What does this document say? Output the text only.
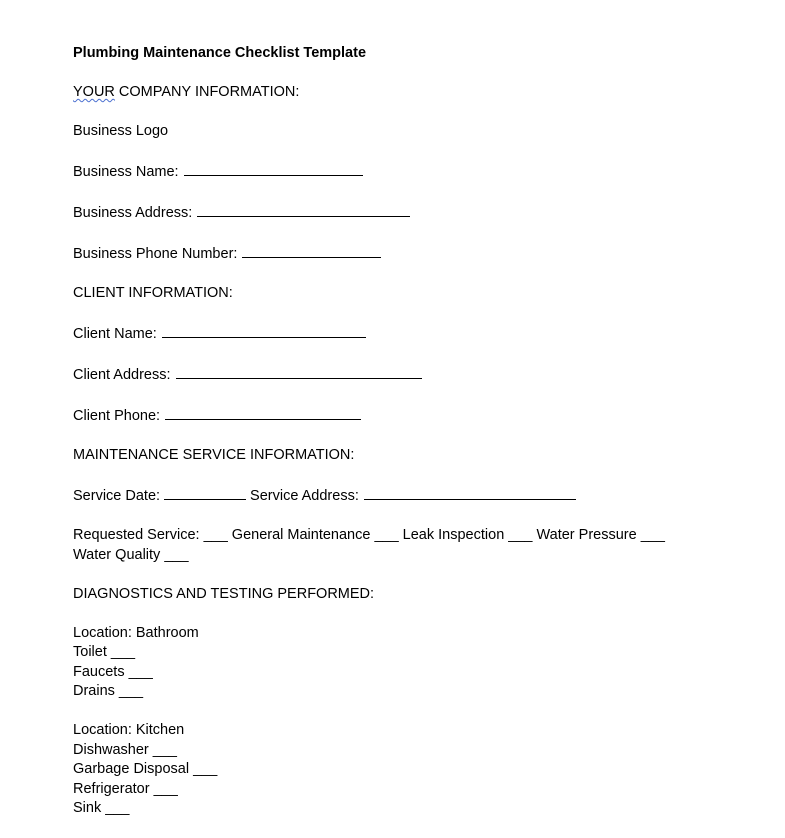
Plumbing Maintenance Checklist Template
YOUR COMPANY INFORMATION:
Business Logo
Business Name:
Business Address:
Business Phone Number:
CLIENT INFORMATION:
Client Name:
Client Address:
Client Phone:
MAINTENANCE SERVICE INFORMATION:
Service Date:	Service Address:
Requested Service: ___ General Maintenance ___ Leak Inspection ___ Water Pressure ___
Water Quality ___
DIAGNOSTICS AND TESTING PERFORMED:
Location: Bathroom
Toilet ___
Faucets ___
Drains ___
Location: Kitchen
Dishwasher ___
Garbage Disposal ___
Refrigerator ___
Sink ___
